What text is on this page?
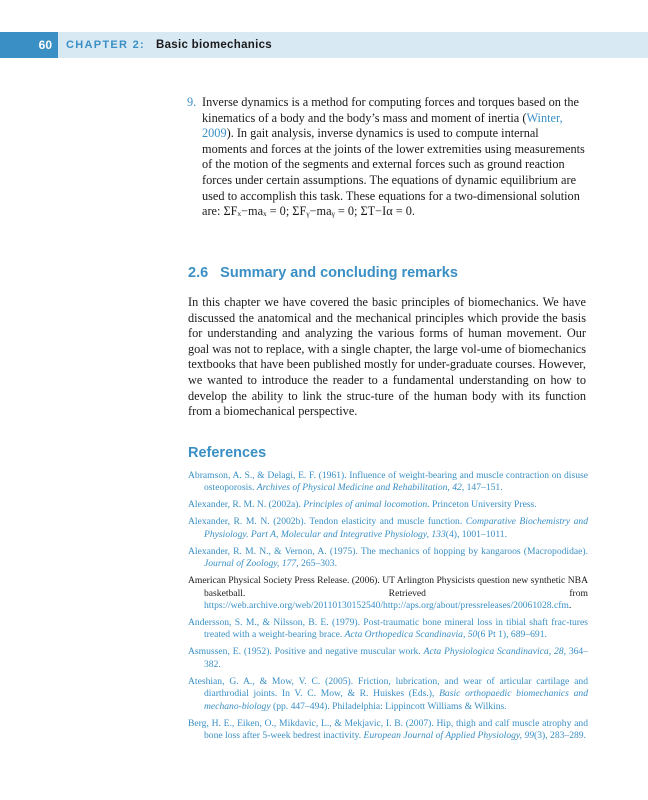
60	CHAPTER 2: Basic biomechanics
9. Inverse dynamics is a method for computing forces and torques based on the kinematics of a body and the body’s mass and moment of inertia (Winter, 2009). In gait analysis, inverse dynamics is used to compute internal moments and forces at the joints of the lower extremities using measurements of the motion of the segments and external forces such as ground reaction forces under certain assumptions. The equations of dynamic equilibrium are used to accomplish this task. These equations for a two-dimensional solution are: ΣFₓ−maₓ = 0; ΣFᵧ−maᵧ = 0; ΣT−Iα = 0.
2.6 Summary and concluding remarks
In this chapter we have covered the basic principles of biomechanics. We have discussed the anatomical and the mechanical principles which provide the basis for understanding and analyzing the various forms of human movement. Our goal was not to replace, with a single chapter, the large vol-ume of biomechanics textbooks that have been published mostly for under-graduate courses. However, we wanted to introduce the reader to a fundamental understanding on how to develop the ability to link the struc-ture of the human body with its function from a biomechanical perspective.
References
Abramson, A. S., & Delagi, E. F. (1961). Influence of weight-bearing and muscle contraction on disuse osteoporosis. Archives of Physical Medicine and Rehabilitation, 42, 147–151.
Alexander, R. M. N. (2002a). Principles of animal locomotion. Princeton University Press.
Alexander, R. M. N. (2002b). Tendon elasticity and muscle function. Comparative Biochemistry and Physiology. Part A, Molecular and Integrative Physiology, 133(4), 1001–1011.
Alexander, R. M. N., & Vernon, A. (1975). The mechanics of hopping by kangaroos (Macropodidae). Journal of Zoology, 177, 265–303.
American Physical Society Press Release. (2006). UT Arlington Physicists question new synthetic NBA basketball. Retrieved from https://web.archive.org/web/20110130152540/http://aps.org/about/pressreleases/20061028.cfm.
Andersson, S. M., & Nilsson, B. E. (1979). Post-traumatic bone mineral loss in tibial shaft frac-tures treated with a weight-bearing brace. Acta Orthopedica Scandinavia, 50(6 Pt 1), 689–691.
Asmussen, E. (1952). Positive and negative muscular work. Acta Physiologica Scandinavica, 28, 364–382.
Ateshian, G. A., & Mow, V. C. (2005). Friction, lubrication, and wear of articular cartilage and diarthrodial joints. In V. C. Mow, & R. Huiskes (Eds.), Basic orthopaedic biomechanics and mechano-biology (pp. 447–494). Philadelphia: Lippincott Williams & Wilkins.
Berg, H. E., Eiken, O., Mikdavic, L., & Mekjavic, I. B. (2007). Hip, thigh and calf muscle atrophy and bone loss after 5-week bedrest inactivity. European Journal of Applied Physiology, 99(3), 283–289.
